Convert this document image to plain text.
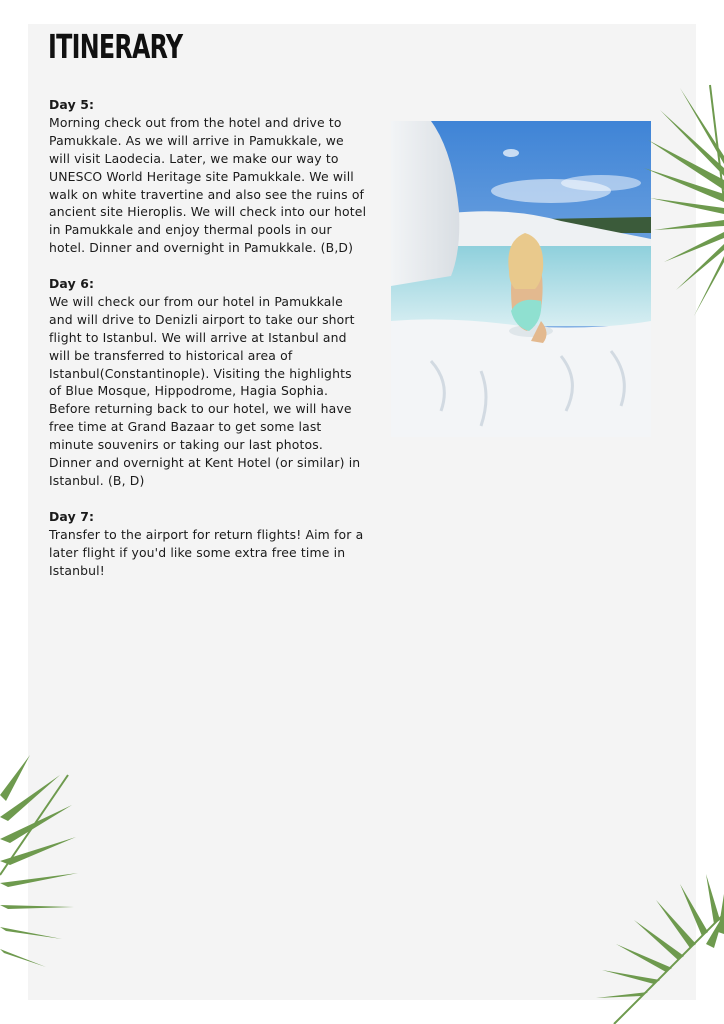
ITINERARY
Day 5:
Morning check out from the hotel and drive to Pamukkale. As we will arrive in Pamukkale, we will visit Laodecia. Later, we make our way to UNESCO World Heritage site Pamukkale. We will walk on white travertine and also see the ruins of ancient site Hieroplis. We will check into our hotel in Pamukkale and enjoy thermal pools in our hotel. Dinner and overnight in Pamukkale. (B,D)
Day 6:
We will check our from our hotel in Pamukkale and will drive to Denizli airport to take our short flight to Istanbul. We will arrive at Istanbul and will be transferred to historical area of Istanbul(Constantinople). Visiting the highlights of Blue Mosque, Hippodrome, Hagia Sophia. Before returning back to our hotel, we will have free time at Grand Bazaar to get some last minute souvenirs or taking our last photos. Dinner and overnight at Kent Hotel (or similar) in Istanbul. (B, D)
Day 7:
Transfer to the airport for return flights! Aim for a later flight if you'd like some extra free time in Istanbul!
